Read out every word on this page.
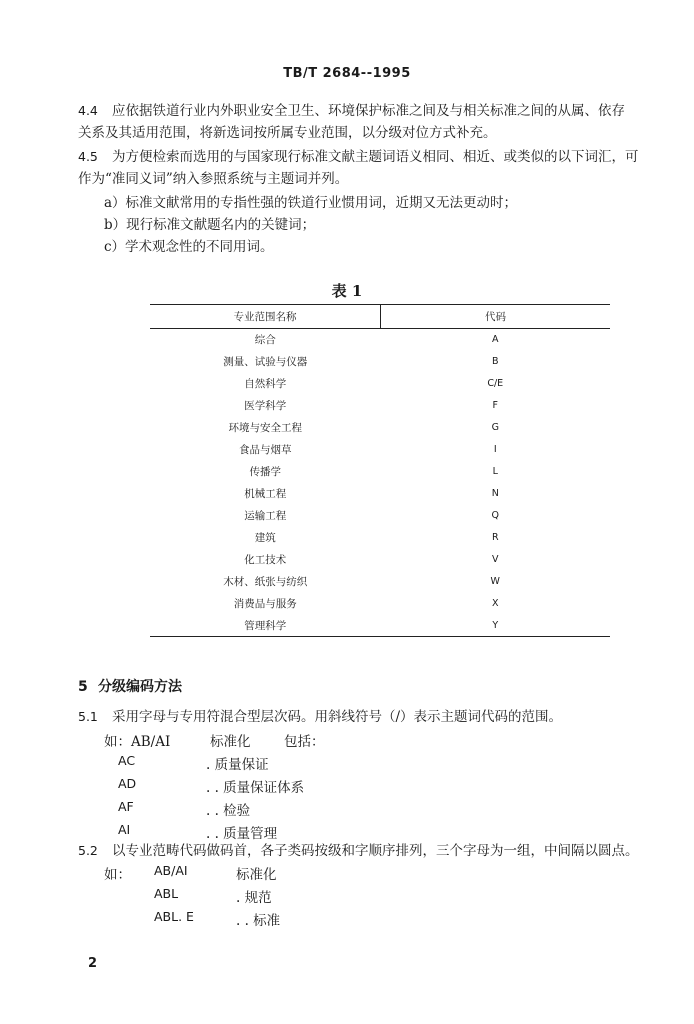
TB/T 2684--1995
4.4 应依据铁道行业内外职业安全卫生、环境保护标准之间及与相关标准之间的从属、依存
关系及其适用范围，将新选词按所属专业范围，以分级对位方式补充。
4.5 为方便检索而选用的与国家现行标准文献主题词语义相同、相近、或类似的以下词汇，可
作为“准同义词”纳入参照系统与主题词并列。
a）标准文献常用的专指性强的铁道行业惯用词，近期又无法更动时；
b）现行标准文献题名内的关键词；
c）学术观念性的不同用词。
表 1
专业范围名称	代码
综合	A
测量、试验与仪器	B
自然科学	C/E
医学科学	F
环境与安全工程	G
食品与烟草	I
传播学	L
机械工程	N
运输工程	Q
建筑	R
化工技术	V
木材、纸张与纺织	W
消费品与服务	X
管理科学	Y
5 分级编码方法
5.1 采用字母与专用符混合型层次码。用斜线符号（/）表示主题词代码的范围。
如：AB/AI	标准化 包括：
AC	. 质量保证
AD	. . 质量保证体系
AF	. . 检验
AI	. . 质量管理
5.2 以专业范畴代码做码首，各子类码按级和字顺序排列，三个字母为一组，中间隔以圆点。
如： AB/AI	标准化
ABL	. 规范
ABL. E	. . 标准
2
